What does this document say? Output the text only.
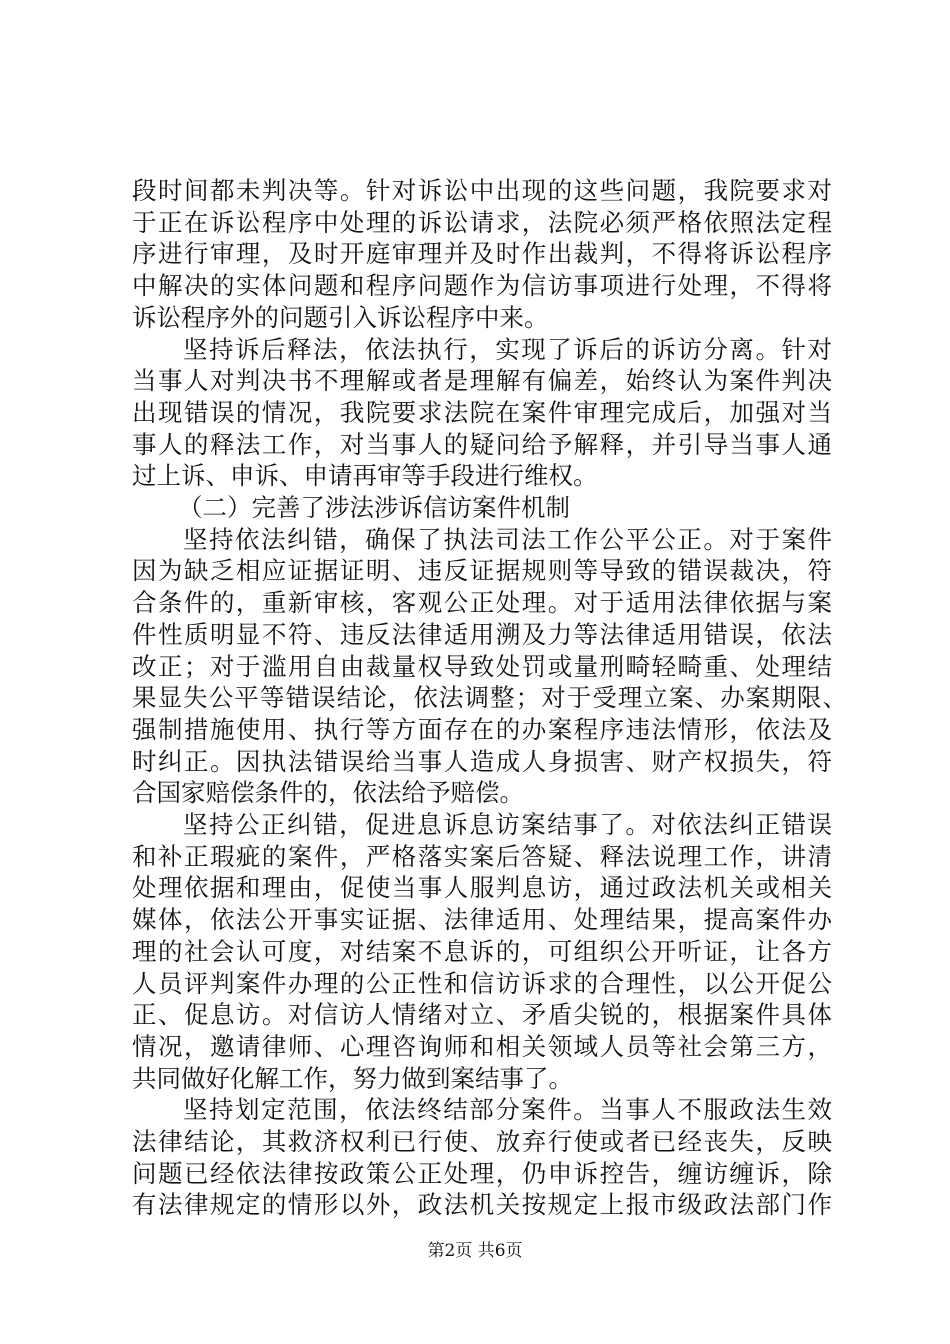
段时间都未判决等。针对诉讼中出现的这些问题，我院要求对
于正在诉讼程序中处理的诉讼请求，法院必须严格依照法定程
序进行审理，及时开庭审理并及时作出裁判，不得将诉讼程序
中解决的实体问题和程序问题作为信访事项进行处理，不得将
诉讼程序外的问题引入诉讼程序中来。
坚持诉后释法，依法执行，实现了诉后的诉访分离。针对
当事人对判决书不理解或者是理解有偏差，始终认为案件判决
出现错误的情况，我院要求法院在案件审理完成后，加强对当
事人的释法工作，对当事人的疑问给予解释，并引导当事人通
过上诉、申诉、申请再审等手段进行维权。
（二）完善了涉法涉诉信访案件机制
坚持依法纠错，确保了执法司法工作公平公正。对于案件
因为缺乏相应证据证明、违反证据规则等导致的错误裁决，符
合条件的，重新审核，客观公正处理。对于适用法律依据与案
件性质明显不符、违反法律适用溯及力等法律适用错误，依法
改正；对于滥用自由裁量权导致处罚或量刑畸轻畸重、处理结
果显失公平等错误结论，依法调整；对于受理立案、办案期限、
强制措施使用、执行等方面存在的办案程序违法情形，依法及
时纠正。因执法错误给当事人造成人身损害、财产权损失，符
合国家赔偿条件的，依法给予赔偿。
坚持公正纠错，促进息诉息访案结事了。对依法纠正错误
和补正瑕疵的案件，严格落实案后答疑、释法说理工作，讲清
处理依据和理由，促使当事人服判息访，通过政法机关或相关
媒体，依法公开事实证据、法律适用、处理结果，提高案件办
理的社会认可度，对结案不息诉的，可组织公开听证，让各方
人员评判案件办理的公正性和信访诉求的合理性，以公开促公
正、促息访。对信访人情绪对立、矛盾尖锐的，根据案件具体
情况，邀请律师、心理咨询师和相关领域人员等社会第三方，
共同做好化解工作，努力做到案结事了。
坚持划定范围，依法终结部分案件。当事人不服政法生效
法律结论，其救济权利已行使、放弃行使或者已经丧失，反映
问题已经依法律按政策公正处理，仍申诉控告，缠访缠诉，除
有法律规定的情形以外，政法机关按规定上报市级政法部门作
第2页 共6页
